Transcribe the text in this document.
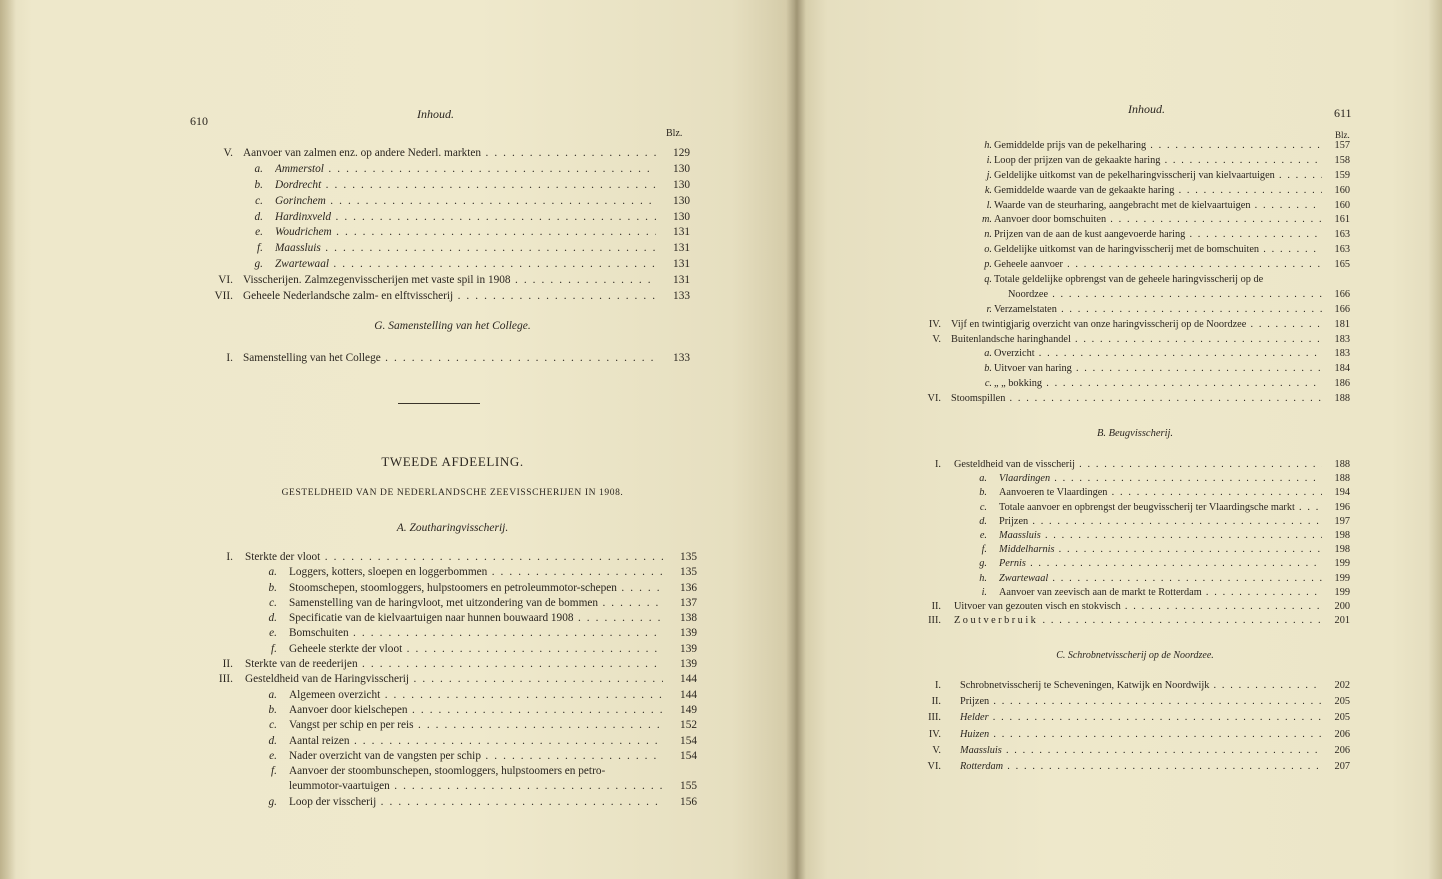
610	Inhoud.
Blz.
V. Aanvoer van zalmen enz. op andere Nederl. markten . . .	129
a. Ammerstol . . .	130
b. Dordrecht . . .	130
c. Gorinchem . . .	130
d. Hardinxveld . . .	130
e. Woudrichem . . .	131
f. Maassluis . . .	131
g. Zwartewaal . . .	131
VI. Visscherijen. Zalmzegenvisscherijen met vaste spil in 1908 . . .	131
VII. Geheele Nederlandsche zalm- en elftvisscherij . . .	133
G. Samenstelling van het College.
I. Samenstelling van het College . . .	133
TWEEDE AFDEELING.
GESTELDHEID VAN DE NEDERLANDSCHE ZEEVISSCHERIJEN IN 1908.
A. Zoutharingvisscherij.
I. Sterkte der vloot . . .	135
a. Loggers, kotters, sloepen en loggerbommen . . .	135
b. Stoomschepen, stoomloggers, hulpstoomers en petroleummotor-schepen . . .	136
c. Samenstelling van de haringvloot, met uitzondering van de bommen . . .	137
d. Specificatie van de kielvaartuigen naar hunnen bouwaard 1908 . . .	138
e. Bomschuiten . . .	139
f. Geheele sterkte der vloot . . .	139
II. Sterkte van de reederijen . . .	139
III. Gesteldheid van de Haringvisscherij . . .	144
a. Algemeen overzicht . . .	144
b. Aanvoer door kielschepen . . .	149
c. Vangst per schip en per reis . . .	152
d. Aantal reizen . . .	154
e. Nader overzicht van de vangsten per schip . . .	154
f. Aanvoer der stoombunschepen, stoomloggers, hulpstoomers en petro-
leummotor-vaartuigen . . .	155
g. Loop der visscherij . . .	156
Inhoud.	611
Blz.
h. Gemiddelde prijs van de pekelharing . . .	157
i. Loop der prijzen van de gekaakte haring . . .	158
j. Geldelijke uitkomst van de pekelharingvisscherij van kielvaartuigen . . .	159
k. Gemiddelde waarde van de gekaakte haring . . .	160
l. Waarde van de steurharing, aangebracht met de kielvaartuigen . . .	160
m. Aanvoer door bomschuiten . . .	161
n. Prijzen van de aan de kust aangevoerde haring . . .	163
o. Geldelijke uitkomst van de haringvisscherij met de bomschuiten . . .	163
p. Geheele aanvoer . . .	165
q. Totale geldelijke opbrengst van de geheele haringvisscherij op de
Noordzee . . .	166
r. Verzamelstaten . . .	166
IV. Vijf en twintigjarig overzicht van onze haringvisscherij op de Noordzee . . .	181
V. Buitenlandsche haringhandel . . .	183
a. Overzicht . . .	183
b. Uitvoer van haring . . .	184
c. „ „ bokking . . .	186
VI. Stoomspillen . . .	188
B. Beugvisscherij.
I. Gesteldheid van de visscherij . . .	188
a. Vlaardingen . . .	188
b. Aanvoeren te Vlaardingen . . .	194
c. Totale aanvoer en opbrengst der beugvisscherij ter Vlaardingsche markt . . .	196
d. Prijzen . . .	197
e. Maassluis . . .	198
f. Middelharnis . . .	198
g. Pernis . . .	199
h. Zwartewaal . . .	199
i. Aanvoer van zeevisch aan de markt te Rotterdam . . .	199
II. Uitvoer van gezouten visch en stokvisch . . .	200
III. Zoutverbruik . . .	201
C. Schrobnetvisscherij op de Noordzee.
I. Schrobnetvisscherij te Scheveningen, Katwijk en Noordwijk . . .	202
II. Prijzen . . .	205
III. Helder . . .	205
IV. Huizen . . .	206
V. Maassluis . . .	206
VI. Rotterdam . . .	207
